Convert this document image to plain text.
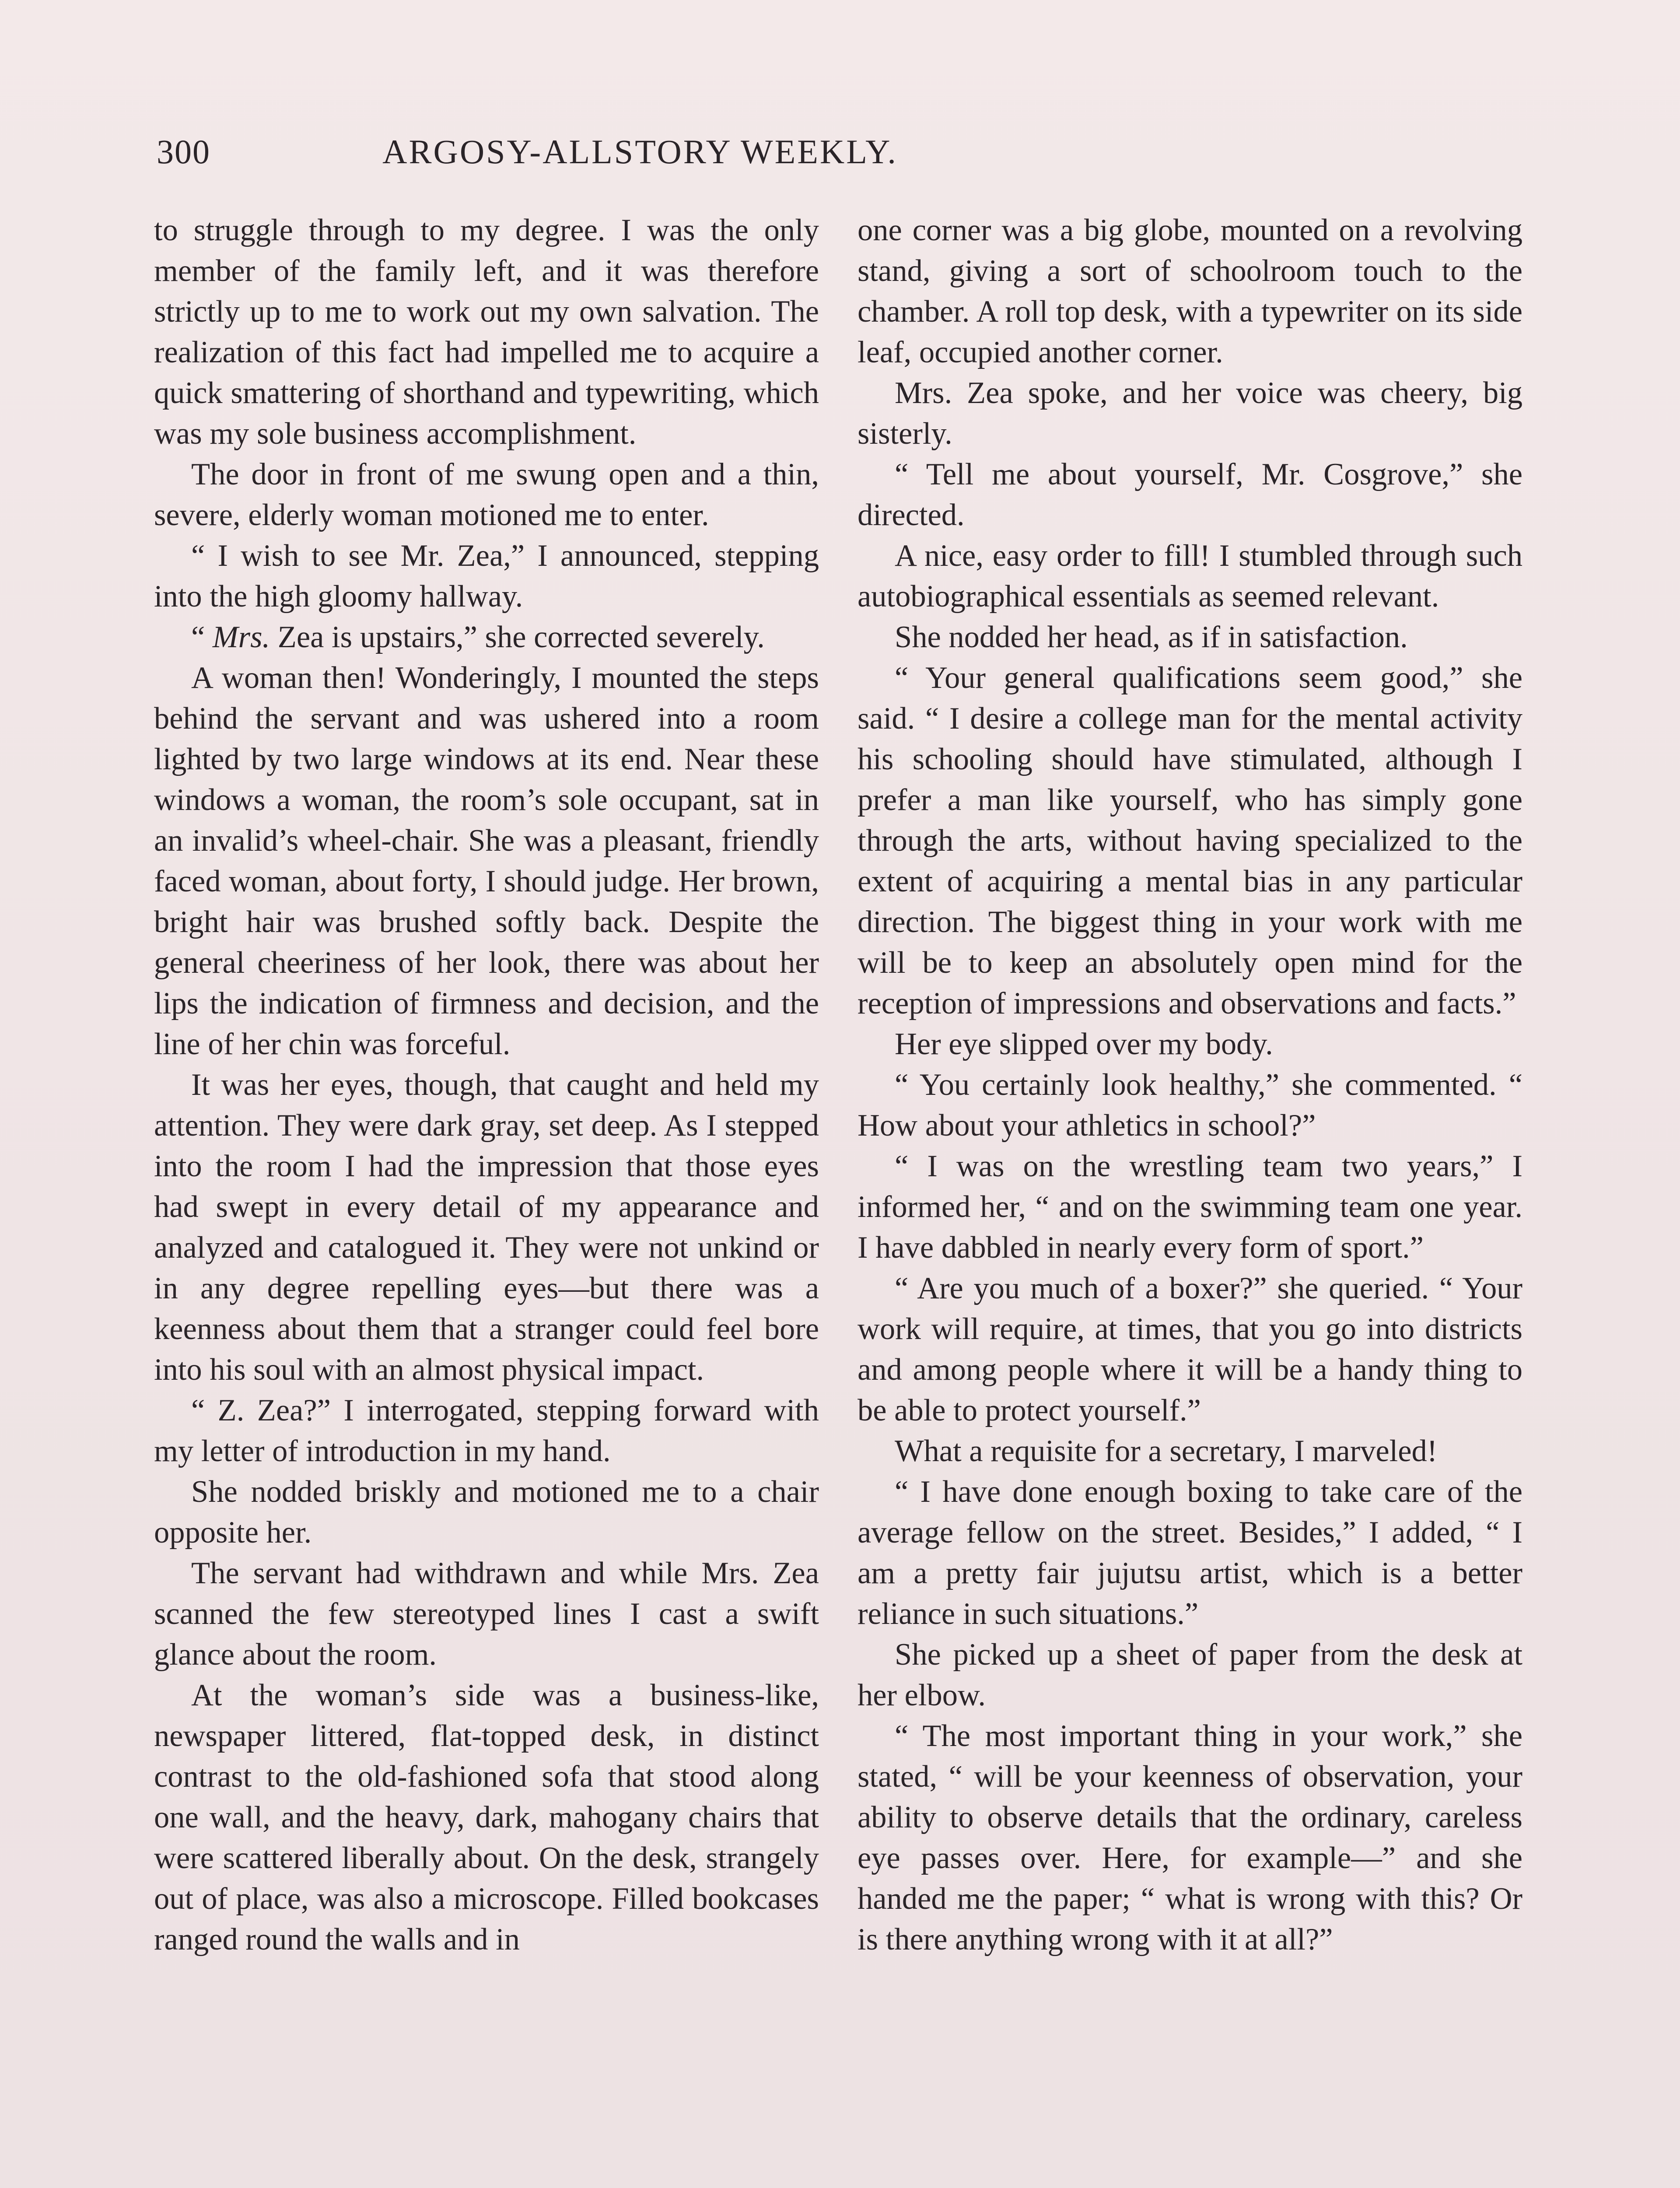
300	ARGOSY-ALLSTORY WEEKLY.

to struggle through to my degree. I was the only member of the family left, and it was therefore strictly up to me to work out my own salvation. The realization of this fact had impelled me to acquire a quick smattering of shorthand and typewriting, which was my sole business accomplishment.

The door in front of me swung open and a thin, severe, elderly woman motioned me to enter.

“ I wish to see Mr. Zea,” I announced, stepping into the high gloomy hallway.

“ Mrs. Zea is upstairs,” she corrected severely.

A woman then! Wonderingly, I mounted the steps behind the servant and was ushered into a room lighted by two large windows at its end. Near these windows a woman, the room’s sole occupant, sat in an invalid’s wheel-chair. She was a pleasant, friendly faced woman, about forty, I should judge. Her brown, bright hair was brushed softly back. Despite the general cheeriness of her look, there was about her lips the indication of firmness and decision, and the line of her chin was forceful.

It was her eyes, though, that caught and held my attention. They were dark gray, set deep. As I stepped into the room I had the impression that those eyes had swept in every detail of my appearance and analyzed and catalogued it. They were not unkind or in any degree repelling eyes—but there was a keenness about them that a stranger could feel bore into his soul with an almost physical impact.

“ Z. Zea?” I interrogated, stepping forward with my letter of introduction in my hand.

She nodded briskly and motioned me to a chair opposite her.

The servant had withdrawn and while Mrs. Zea scanned the few stereotyped lines I cast a swift glance about the room.

At the woman’s side was a business-like, newspaper littered, flat-topped desk, in distinct contrast to the old-fashioned sofa that stood along one wall, and the heavy, dark, mahogany chairs that were scattered liberally about. On the desk, strangely out of place, was also a microscope. Filled bookcases ranged round the walls and in

one corner was a big globe, mounted on a revolving stand, giving a sort of schoolroom touch to the chamber. A roll top desk, with a typewriter on its side leaf, occupied another corner.

Mrs. Zea spoke, and her voice was cheery, big sisterly.

“ Tell me about yourself, Mr. Cosgrove,” she directed.

A nice, easy order to fill! I stumbled through such autobiographical essentials as seemed relevant.

She nodded her head, as if in satisfaction.

“ Your general qualifications seem good,” she said. “ I desire a college man for the mental activity his schooling should have stimulated, although I prefer a man like yourself, who has simply gone through the arts, without having specialized to the extent of acquiring a mental bias in any particular direction. The biggest thing in your work with me will be to keep an absolutely open mind for the reception of impressions and observations and facts.”

Her eye slipped over my body.

“ You certainly look healthy,” she commented. “ How about your athletics in school?”

“ I was on the wrestling team two years,” I informed her, “ and on the swimming team one year. I have dabbled in nearly every form of sport.”

“ Are you much of a boxer?” she queried. “ Your work will require, at times, that you go into districts and among people where it will be a handy thing to be able to protect yourself.”

What a requisite for a secretary, I marveled!

“ I have done enough boxing to take care of the average fellow on the street. Besides,” I added, “ I am a pretty fair jujutsu artist, which is a better reliance in such situations.”

She picked up a sheet of paper from the desk at her elbow.

“ The most important thing in your work,” she stated, “ will be your keenness of observation, your ability to observe details that the ordinary, careless eye passes over. Here, for example—” and she handed me the paper; “ what is wrong with this? Or is there anything wrong with it at all?”
